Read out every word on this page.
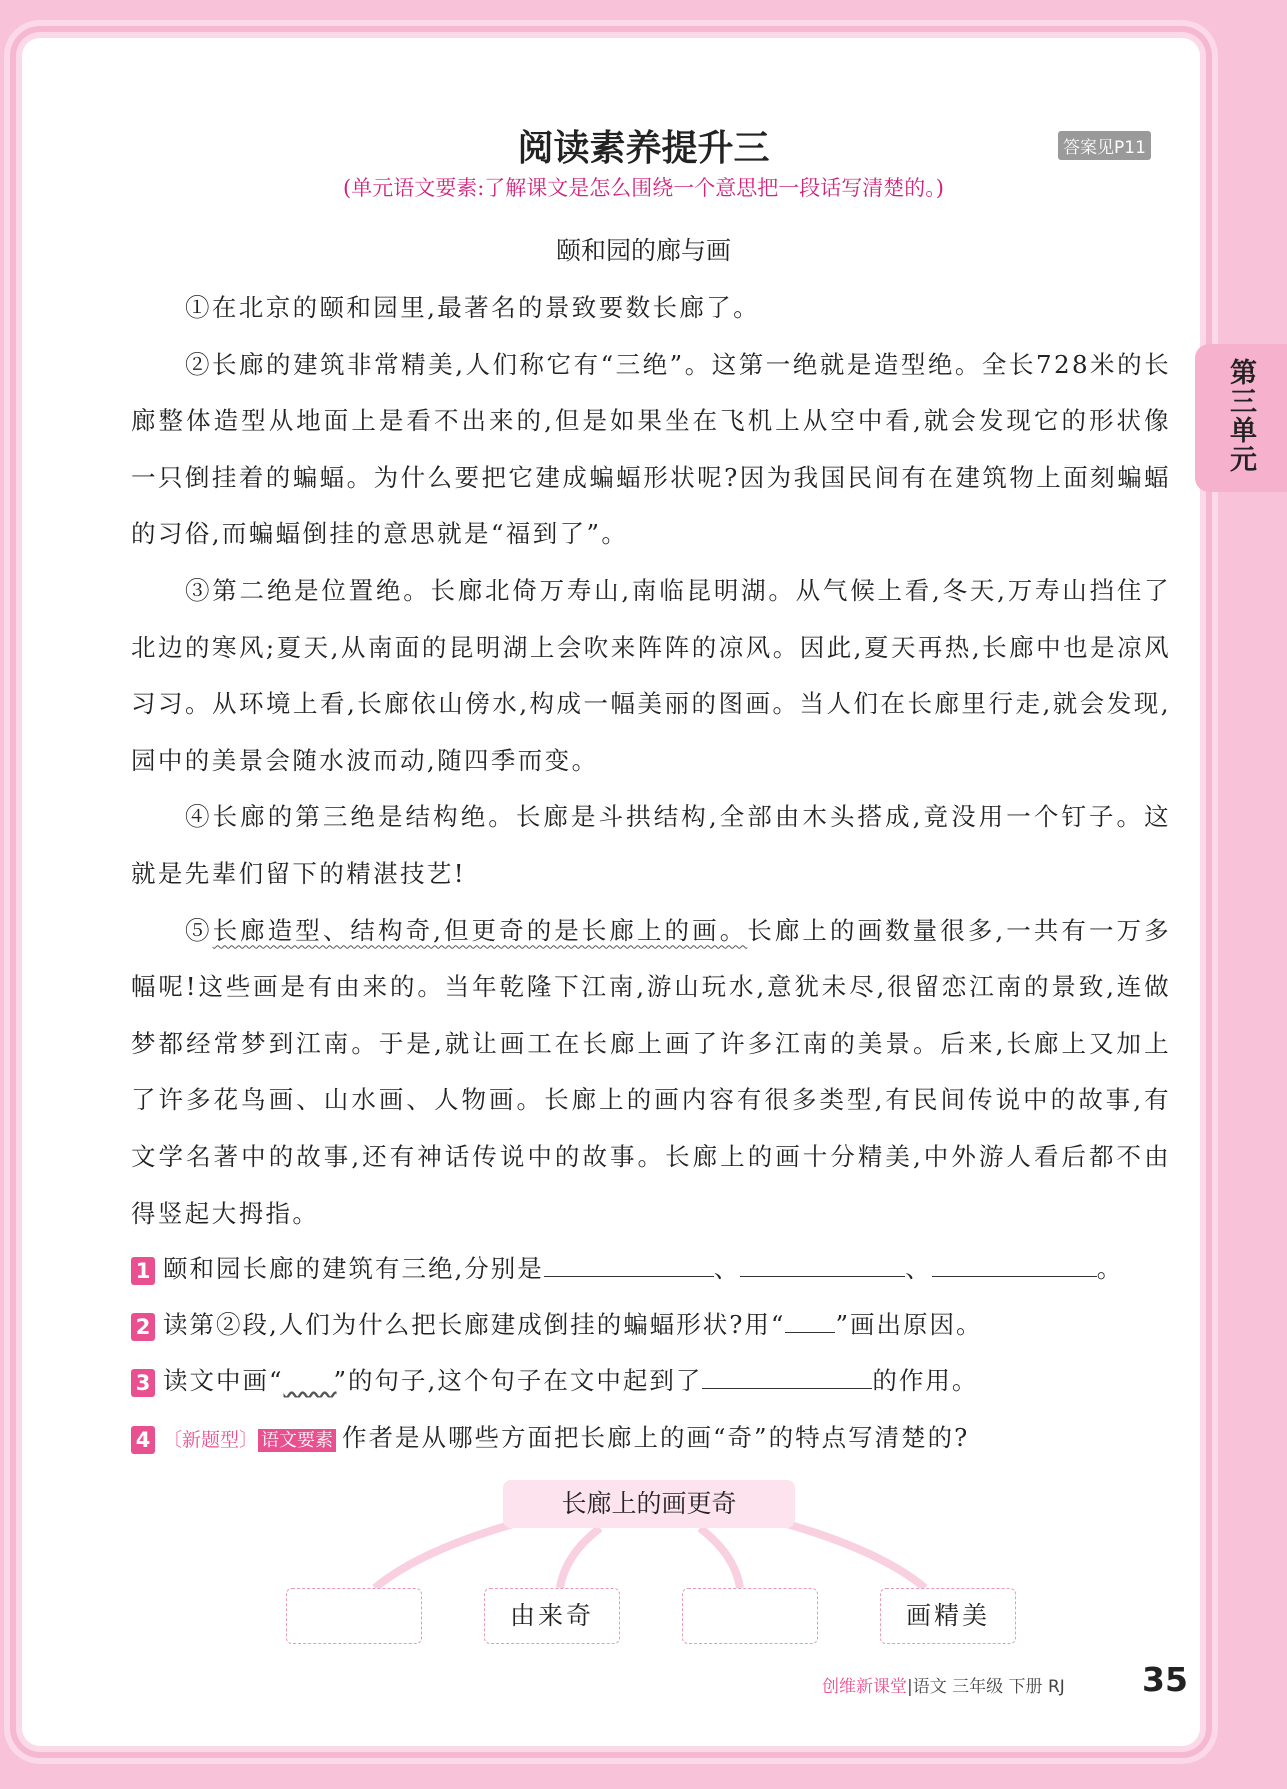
第三单元
阅读素养提升三	答案见P11
(单元语文要素:了解课文是怎么围绕一个意思把一段话写清楚的。)
颐和园的廊与画

①在北京的颐和园里,最著名的景致要数长廊了。

②长廊的建筑非常精美,人们称它有“三绝”。这第一绝就是造型绝。全长728米的长廊整体造型从地面上是看不出来的,但是如果坐在飞机上从空中看,就会发现它的形状像一只倒挂着的蝙蝠。为什么要把它建成蝙蝠形状呢?因为我国民间有在建筑物上面刻蝙蝠的习俗,而蝙蝠倒挂的意思就是“福到了”。

③第二绝是位置绝。长廊北倚万寿山,南临昆明湖。从气候上看,冬天,万寿山挡住了北边的寒风;夏天,从南面的昆明湖上会吹来阵阵的凉风。因此,夏天再热,长廊中也是凉风习习。从环境上看,长廊依山傍水,构成一幅美丽的图画。当人们在长廊里行走,就会发现,园中的美景会随水波而动,随四季而变。

④长廊的第三绝是结构绝。长廊是斗拱结构,全部由木头搭成,竟没用一个钉子。这就是先辈们留下的精湛技艺!

⑤长廊造型、结构奇,但更奇的是长廊上的画。长廊上的画数量很多,一共有一万多幅呢!这些画是有由来的。当年乾隆下江南,游山玩水,意犹未尽,很留恋江南的景致,连做梦都经常梦到江南。于是,就让画工在长廊上画了许多江南的美景。后来,长廊上又加上了许多花鸟画、山水画、人物画。长廊上的画内容有很多类型,有民间传说中的故事,有文学名著中的故事,还有神话传说中的故事。长廊上的画十分精美,中外游人看后都不由得竖起大拇指。

1 颐和园长廊的建筑有三绝,分别是	、	、	。
2 读第②段,人们为什么把长廊建成倒挂的蝙蝠形状?用“ ”画出原因。
3 读文中画“   ”的句子,这个句子在文中起到了	的作用。
4 〔新题型〕 语文要素 作者是从哪些方面把长廊上的画“奇”的特点写清楚的?
长廊上的画更奇
由来奇	画精美
创维新课堂|语文 三年级 下册 RJ 35
